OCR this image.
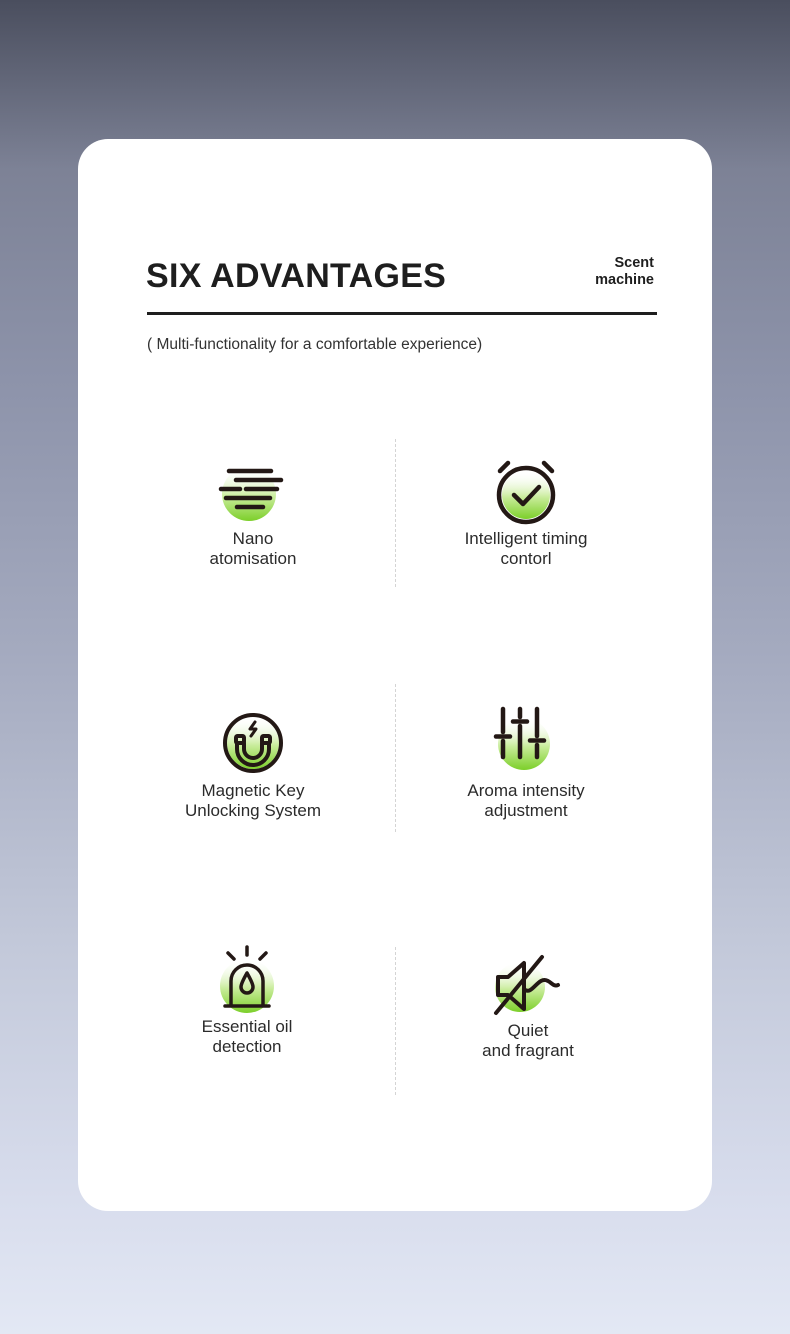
SIX ADVANTAGES	Scent
machine
( Multi-functionality for a comfortable experience)
Nano
atomisation
Intelligent timing
contorl
Magnetic Key
Unlocking System
Aroma intensity
adjustment
Essential oil
detection
Quiet
and fragrant
